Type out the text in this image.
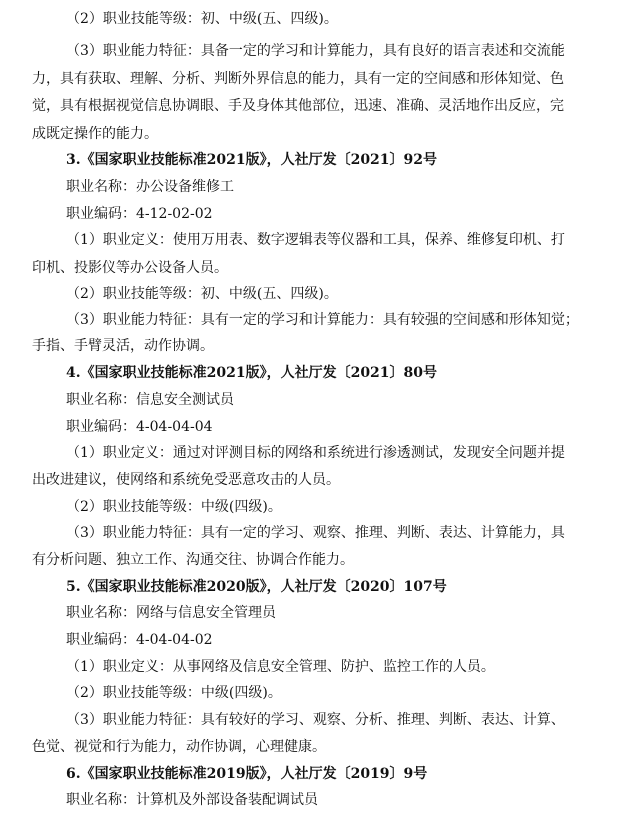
（2）职业技能等级：初、中级(五、四级)。
（3）职业能力特征：具备一定的学习和计算能力，具有良好的语言表述和交流能
力，具有获取、理解、分析、判断外界信息的能力，具有一定的空间感和形体知觉、色
觉，具有根据视觉信息协调眼、手及身体其他部位，迅速、准确、灵活地作出反应，完
成既定操作的能力。
3.《国家职业技能标准2021版》，人社厅发〔2021〕92号
职业名称：办公设备维修工
职业编码：4-12-02-02
（1）职业定义：使用万用表、数字逻辑表等仪器和工具，保养、维修复印机、打
印机、投影仪等办公设备人员。
（2）职业技能等级：初、中级(五、四级)。
（3）职业能力特征：具有一定的学习和计算能力：具有较强的空间感和形体知觉；
手指、手臂灵活，动作协调。
4.《国家职业技能标准2021版》，人社厅发〔2021〕80号
职业名称：信息安全测试员
职业编码：4-04-04-04
（1）职业定义：通过对评测目标的网络和系统进行渗透测试，发现安全问题并提
出改进建议，使网络和系统免受恶意攻击的人员。
（2）职业技能等级：中级(四级)。
（3）职业能力特征：具有一定的学习、观察、推理、判断、表达、计算能力，具
有分析问题、独立工作、沟通交往、协调合作能力。
5.《国家职业技能标准2020版》，人社厅发〔2020〕107号
职业名称：网络与信息安全管理员
职业编码：4-04-04-02
（1）职业定义：从事网络及信息安全管理、防护、监控工作的人员。
（2）职业技能等级：中级(四级)。
（3）职业能力特征：具有较好的学习、观察、分析、推理、判断、表达、计算、
色觉、视觉和行为能力，动作协调，心理健康。
6.《国家职业技能标准2019版》，人社厅发〔2019〕9号
职业名称：计算机及外部设备装配调试员
